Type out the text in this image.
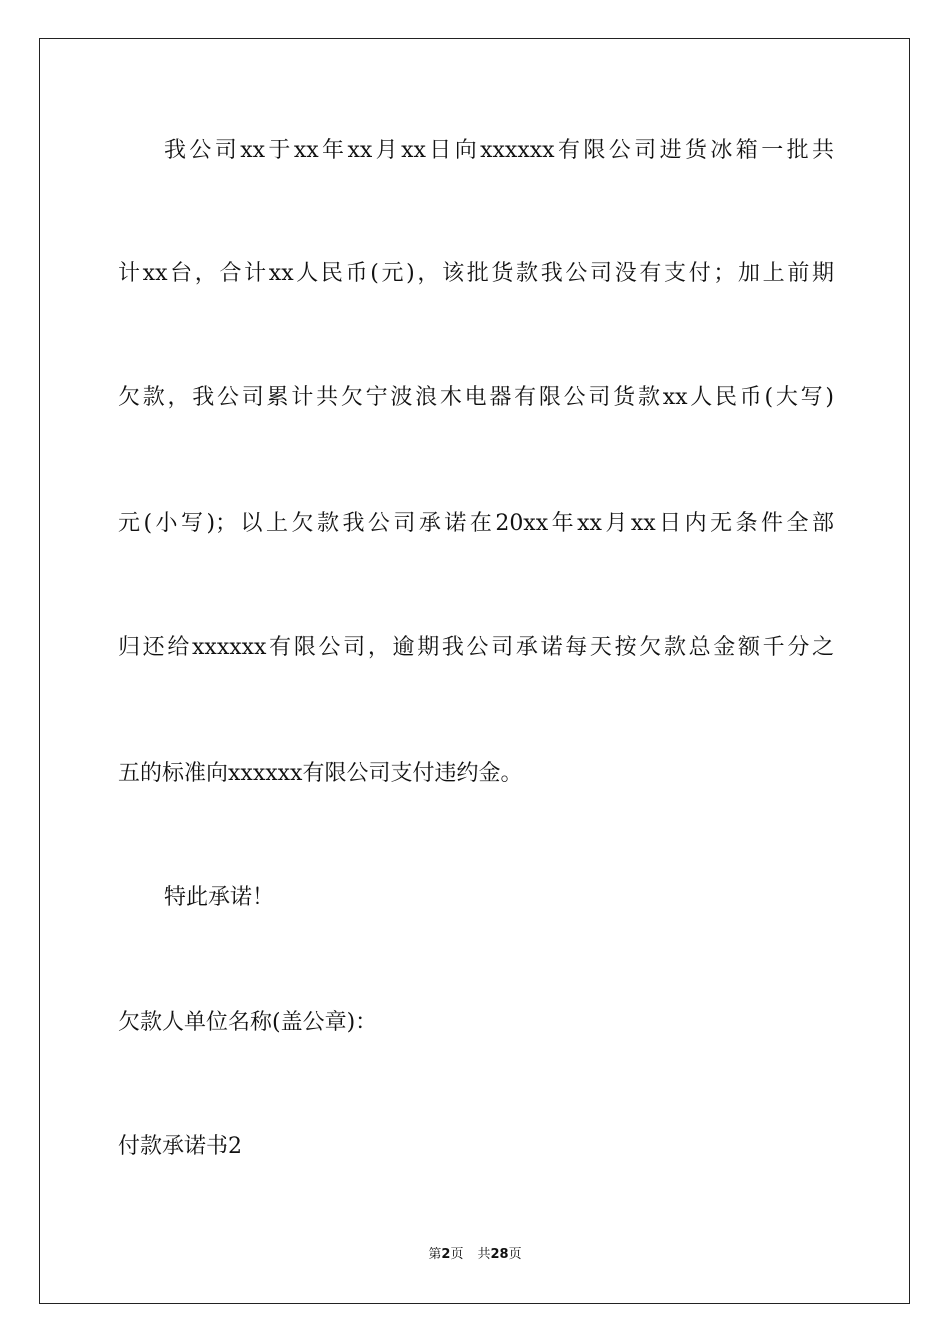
我公司xx于xx年xx月xx日向xxxxxx有限公司进货冰箱一批共
计xx台，合计xx人民币(元)，该批货款我公司没有支付；加上前期
欠款，我公司累计共欠宁波浪木电器有限公司货款xx人民币(大写)
元(小写)；以上欠款我公司承诺在20xx年xx月xx日内无条件全部
归还给xxxxxx有限公司，逾期我公司承诺每天按欠款总金额千分之
五的标准向xxxxxx有限公司支付违约金。
特此承诺！
欠款人单位名称(盖公章)：
付款承诺书2
第2页 共28页
